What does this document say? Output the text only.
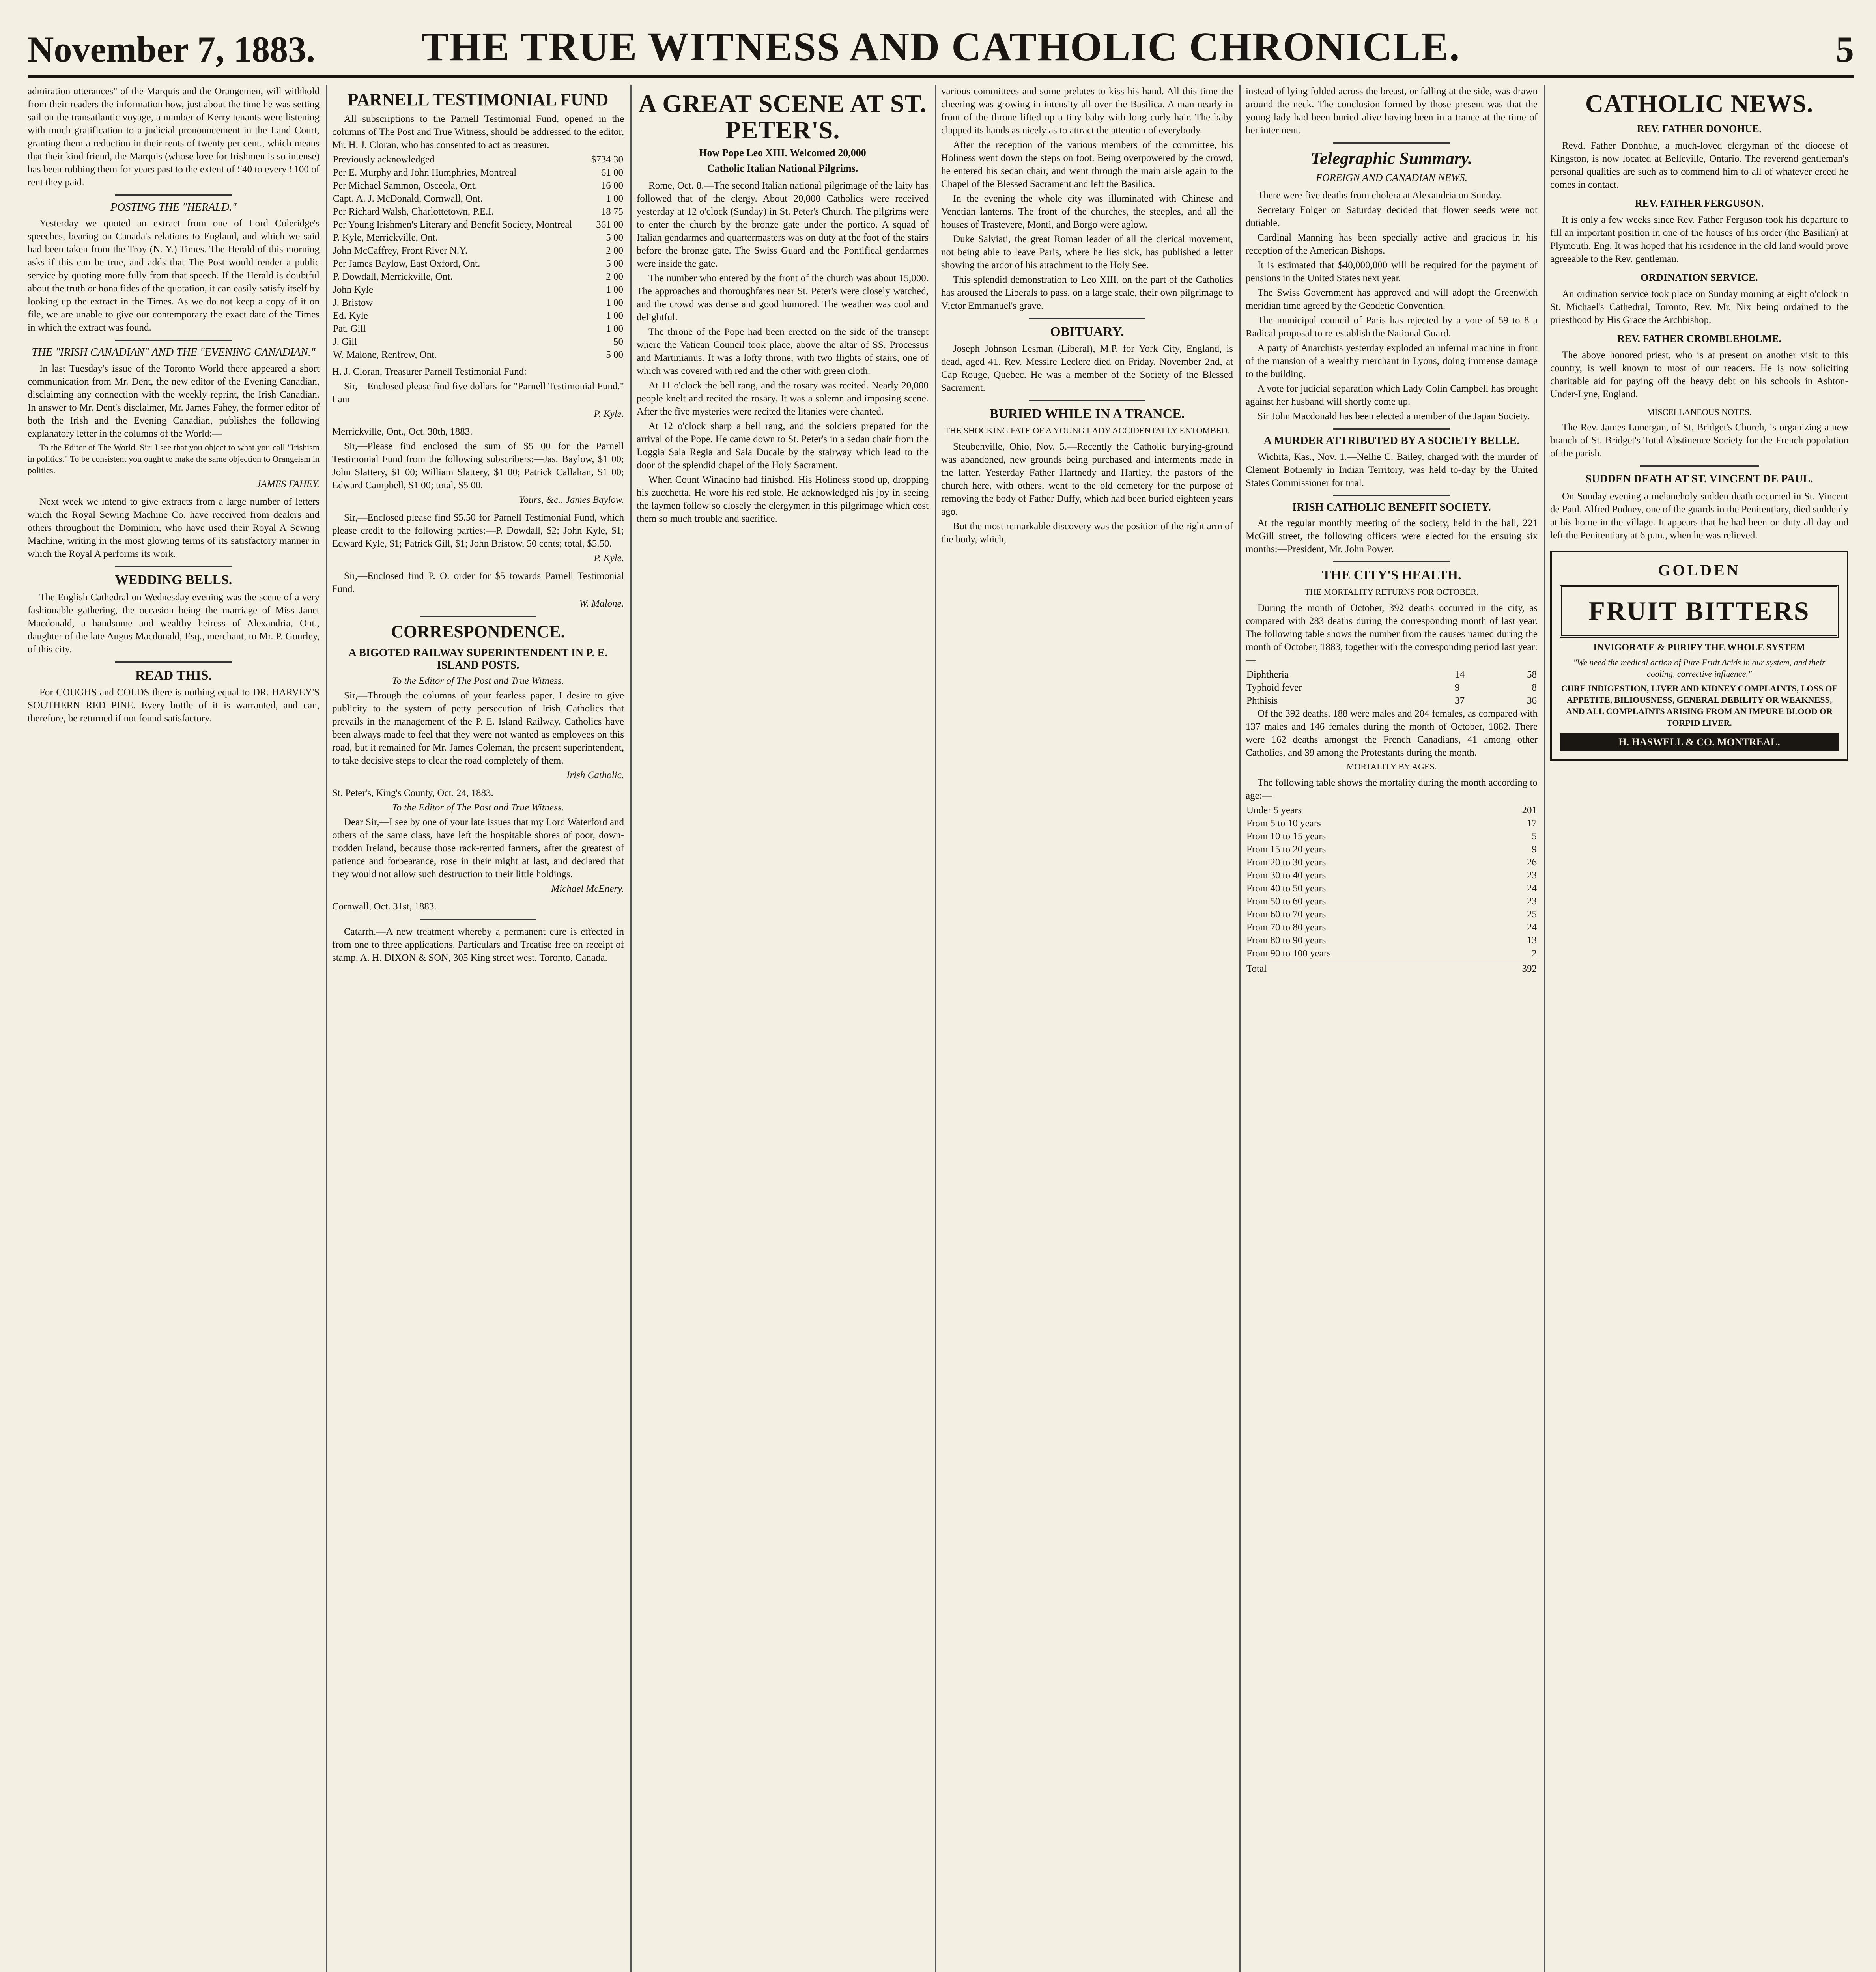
November 7, 1883.	THE TRUE WITNESS AND CATHOLIC CHRONICLE.	5

admiration utterances" of the Marquis and the Orangemen, will withhold from their readers the information how, just about the time he was setting sail on the transatlantic voyage, a number of Kerry tenants were listening with much gratification to a judicial pronouncement in the Land Court, granting them a reduction in their rents of twenty per cent., which means that their kind friend, the Marquis (whose love for Irishmen is so intense) has been robbing them for years past to the extent of £40 to every £100 of rent they paid.

POSTING THE "HERALD."

Yesterday we quoted an extract from one of Lord Coleridge's speeches, bearing on Canada's relations to England, and which we said had been taken from the Troy (N. Y.) Times. The Herald of this morning asks if this can be true, and adds that The Post would render a public service by quoting more fully from that speech. If the Herald is doubtful about the truth or bona fides of the quotation, it can easily satisfy itself by looking up the extract in the Times. As we do not keep a copy of it on file, we are unable to give our contemporary the exact date of the Times in which the extract was found.

THE "IRISH CANADIAN" AND THE "EVENING CANADIAN."

In last Tuesday's issue of the Toronto World there appeared a short communication from Mr. Dent, the new editor of the Evening Canadian, disclaiming any connection with the weekly reprint, the Irish Canadian. In answer to Mr. Dent's disclaimer, Mr. James Fahey, the former editor of both the Irish and the Evening Canadian, publishes the following explanatory letter in the columns of the World:—

To the Editor of The World. Sir: I see that you object to what you call "Irishism in politics." To be consistent you ought to make the same objection to Orangeism in politics.

JAMES FAHEY.

Next week we intend to give extracts from a large number of letters which the Royal Sewing Machine Co. have received from dealers and others throughout the Dominion, who have used their Royal A Sewing Machine, writing in the most glowing terms of its satisfactory manner in which the Royal A performs its work.

WEDDING BELLS.

The English Cathedral on Wednesday evening was the scene of a very fashionable gathering, the occasion being the marriage of Miss Janet Macdonald, a handsome and wealthy heiress of Alexandria, Ont., daughter of the late Angus Macdonald, Esq., merchant, to Mr. P. Gourley, of this city.

READ THIS.

For COUGHS and COLDS there is nothing equal to DR. HARVEY'S SOUTHERN RED PINE. Every bottle of it is warranted, and can, therefore, be returned if not found satisfactory.

PARNELL TESTIMONIAL FUND

All subscriptions to the Parnell Testimonial Fund, opened in the columns of The Post and True Witness, should be addressed to the editor, Mr. H. J. Cloran, who has consented to act as treasurer.

Previously acknowledged	$734 30
Per E. Murphy and John Humphries, Montreal	61 00
Per Michael Sammon, Osceola, Ont.	16 00
Capt. A. J. McDonald, Cornwall, Ont.	1 00
Per Richard Walsh, Charlottetown, P.E.I.	18 75
Per Young Irishmen's Literary and Benefit Society, Montreal	361 00
P. Kyle, Merrickville, Ont.	5 00
John McCaffrey, Front River N.Y.	2 00
Per James Baylow, East Oxford, Ont.	5 00
P. Dowdall, Merrickville, Ont.	2 00
John Kyle	1 00
J. Bristow	1 00
Ed. Kyle	1 00
Pat. Gill	1 00
J. Gill	50
W. Malone, Renfrew, Ont.	5 00

H. J. Cloran, Treasurer Parnell Testimonial Fund:

Sir,—Enclosed please find five dollars for "Parnell Testimonial Fund." I am

P. Kyle.

Merrickville, Ont., Oct. 30th, 1883.

Sir,—Please find enclosed the sum of $5 00 for the Parnell Testimonial Fund from the following subscribers:—Jas. Baylow, $1 00; John Slattery, $1 00; William Slattery, $1 00; Patrick Callahan, $1 00; Edward Campbell, $1 00; total, $5 00.

Yours, &c., James Baylow.

Sir,—Enclosed please find $5.50 for Parnell Testimonial Fund, which please credit to the following parties:—P. Dowdall, $2; John Kyle, $1; Edward Kyle, $1; Patrick Gill, $1; John Bristow, 50 cents; total, $5.50.

P. Kyle.

Sir,—Enclosed find P. O. order for $5 towards Parnell Testimonial Fund.

W. Malone.
CORRESPONDENCE.
A BIGOTED RAILWAY SUPERINTENDENT IN P. E. ISLAND POSTS.

To the Editor of The Post and True Witness.

Sir,—Through the columns of your fearless paper, I desire to give publicity to the system of petty persecution of Irish Catholics that prevails in the management of the P. E. Island Railway. Catholics have been always made to feel that they were not wanted as employees on this road, but it remained for Mr. James Coleman, the present superintendent, to take decisive steps to clear the road completely of them.

Irish Catholic.

St. Peter's, King's County, Oct. 24, 1883.

To the Editor of The Post and True Witness.

Dear Sir,—I see by one of your late issues that my Lord Waterford and others of the same class, have left the hospitable shores of poor, down-trodden Ireland, because those rack-rented farmers, after the greatest of patience and forbearance, rose in their might at last, and declared that they would not allow such destruction to their little holdings.

Michael McEnery.

Cornwall, Oct. 31st, 1883.

Catarrh.—A new treatment whereby a permanent cure is effected in from one to three applications. Particulars and Treatise free on receipt of stamp. A. H. DIXON & SON, 305 King street west, Toronto, Canada.

A GREAT SCENE AT ST. PETER'S.
How Pope Leo XIII. Welcomed 20,000
Catholic Italian National Pilgrims.

Rome, Oct. 8.—The second Italian national pilgrimage of the laity has followed that of the clergy. About 20,000 Catholics were received yesterday at 12 o'clock (Sunday) in St. Peter's Church. The pilgrims were to enter the church by the bronze gate under the portico. A squad of Italian gendarmes and quartermasters was on duty at the foot of the stairs before the bronze gate. The Swiss Guard and the Pontifical gendarmes were inside the gate.

The number who entered by the front of the church was about 15,000. The approaches and thoroughfares near St. Peter's were closely watched, and the crowd was dense and good humored. The weather was cool and delightful.

The throne of the Pope had been erected on the side of the transept where the Vatican Council took place, above the altar of SS. Processus and Martinianus. It was a lofty throne, with two flights of stairs, one of which was covered with red and the other with green cloth.

At 11 o'clock the bell rang, and the rosary was recited. Nearly 20,000 people knelt and recited the rosary. It was a solemn and imposing scene. After the five mysteries were recited the litanies were chanted.

At 12 o'clock sharp a bell rang, and the soldiers prepared for the arrival of the Pope. He came down to St. Peter's in a sedan chair from the Loggia Sala Regia and Sala Ducale by the stairway which lead to the door of the splendid chapel of the Holy Sacrament.

When Count Winacino had finished, His Holiness stood up, dropping his zucchetta. He wore his red stole. He acknowledged his joy in seeing the laymen follow so closely the clergymen in this pilgrimage which cost them so much trouble and sacrifice.

various committees and some prelates to kiss his hand. All this time the cheering was growing in intensity all over the Basilica. A man nearly in front of the throne lifted up a tiny baby with long curly hair. The baby clapped its hands as nicely as to attract the attention of everybody.

After the reception of the various members of the committee, his Holiness went down the steps on foot. Being overpowered by the crowd, he entered his sedan chair, and went through the main aisle again to the Chapel of the Blessed Sacrament and left the Basilica.

In the evening the whole city was illuminated with Chinese and Venetian lanterns. The front of the churches, the steeples, and all the houses of Trastevere, Monti, and Borgo were aglow.

Duke Salviati, the great Roman leader of all the clerical movement, not being able to leave Paris, where he lies sick, has published a letter showing the ardor of his attachment to the Holy See.

This splendid demonstration to Leo XIII. on the part of the Catholics has aroused the Liberals to pass, on a large scale, their own pilgrimage to Victor Emmanuel's grave.

OBITUARY.

Joseph Johnson Lesman (Liberal), M.P. for York City, England, is dead, aged 41. Rev. Messire Leclerc died on Friday, November 2nd, at Cap Rouge, Quebec. He was a member of the Society of the Blessed Sacrament.

BURIED WHILE IN A TRANCE.
THE SHOCKING FATE OF A YOUNG LADY ACCIDENTALLY ENTOMBED.

Steubenville, Ohio, Nov. 5.—Recently the Catholic burying-ground was abandoned, new grounds being purchased and interments made in the latter. Yesterday Father Hartnedy and Hartley, the pastors of the church here, with others, went to the old cemetery for the purpose of removing the body of Father Duffy, which had been buried eighteen years ago.

But the most remarkable discovery was the position of the right arm of the body, which,

instead of lying folded across the breast, or falling at the side, was drawn around the neck. The conclusion formed by those present was that the young lady had been buried alive having been in a trance at the time of her interment.

Telegraphic Summary.
FOREIGN AND CANADIAN NEWS.

There were five deaths from cholera at Alexandria on Sunday.

Secretary Folger on Saturday decided that flower seeds were not dutiable.

Cardinal Manning has been specially active and gracious in his reception of the American Bishops.

It is estimated that $40,000,000 will be required for the payment of pensions in the United States next year.

The Swiss Government has approved and will adopt the Greenwich meridian time agreed by the Geodetic Convention.

The municipal council of Paris has rejected by a vote of 59 to 8 a Radical proposal to re-establish the National Guard.

A party of Anarchists yesterday exploded an infernal machine in front of the mansion of a wealthy merchant in Lyons, doing immense damage to the building.

A vote for judicial separation which Lady Colin Campbell has brought against her husband will shortly come up.

Sir John Macdonald has been elected a member of the Japan Society.

A MURDER ATTRIBUTED BY A SOCIETY BELLE.

Wichita, Kas., Nov. 1.—Nellie C. Bailey, charged with the murder of Clement Bothemly in Indian Territory, was held to-day by the United States Commissioner for trial.

IRISH CATHOLIC BENEFIT SOCIETY.

At the regular monthly meeting of the society, held in the hall, 221 McGill street, the following officers were elected for the ensuing six months:—President, Mr. John Power.

THE CITY'S HEALTH.
THE MORTALITY RETURNS FOR OCTOBER.

During the month of October, 392 deaths occurred in the city, as compared with 283 deaths during the corresponding month of last year. The following table shows the number from the causes named during the month of October, 1883, together with the corresponding period last year:—

Diphtheria	14	58
Typhoid fever	9	8
Phthisis	37	36

Of the 392 deaths, 188 were males and 204 females, as compared with 137 males and 146 females during the month of October, 1882. There were 162 deaths amongst the French Canadians, 41 among other Catholics, and 39 among the Protestants during the month.

MORTALITY BY AGES.

The following table shows the mortality during the month according to age:—

Under 5 years	201
From 5 to 10 years	17
From 10 to 15 years	5
From 15 to 20 years	9
From 20 to 30 years	26
From 30 to 40 years	23
From 40 to 50 years	24
From 50 to 60 years	23
From 60 to 70 years	25
From 70 to 80 years	24
From 80 to 90 years	13
From 90 to 100 years	2
Total	392
CATHOLIC NEWS.
REV. FATHER DONOHUE.

Revd. Father Donohue, a much-loved clergyman of the diocese of Kingston, is now located at Belleville, Ontario. The reverend gentleman's personal qualities are such as to commend him to all of whatever creed he comes in contact.

REV. FATHER FERGUSON.

It is only a few weeks since Rev. Father Ferguson took his departure to fill an important position in one of the houses of his order (the Basilian) at Plymouth, Eng. It was hoped that his residence in the old land would prove agreeable to the Rev. gentleman.

ORDINATION SERVICE.

An ordination service took place on Sunday morning at eight o'clock in St. Michael's Cathedral, Toronto, Rev. Mr. Nix being ordained to the priesthood by His Grace the Archbishop.

REV. FATHER CROMBLEHOLME.

The above honored priest, who is at present on another visit to this country, is well known to most of our readers. He is now soliciting charitable aid for paying off the heavy debt on his schools in Ashton-Under-Lyne, England.

MISCELLANEOUS NOTES.

The Rev. James Lonergan, of St. Bridget's Church, is organizing a new branch of St. Bridget's Total Abstinence Society for the French population of the parish.

SUDDEN DEATH AT ST. VINCENT DE PAUL.

On Sunday evening a melancholy sudden death occurred in St. Vincent de Paul. Alfred Pudney, one of the guards in the Penitentiary, died suddenly at his home in the village. It appears that he had been on duty all day and left the Penitentiary at 6 p.m., when he was relieved.

GOLDEN
FRUIT BITTERS
INVIGORATE & PURIFY THE WHOLE SYSTEM
"We need the medical action of Pure Fruit Acids in our system, and their cooling, corrective influence."
CURE INDIGESTION, LIVER AND KIDNEY COMPLAINTS, LOSS OF APPETITE, BILIOUSNESS, GENERAL DEBILITY OR WEAKNESS, AND ALL COMPLAINTS ARISING FROM AN IMPURE BLOOD OR TORPID LIVER.
H. HASWELL & CO. MONTREAL.
